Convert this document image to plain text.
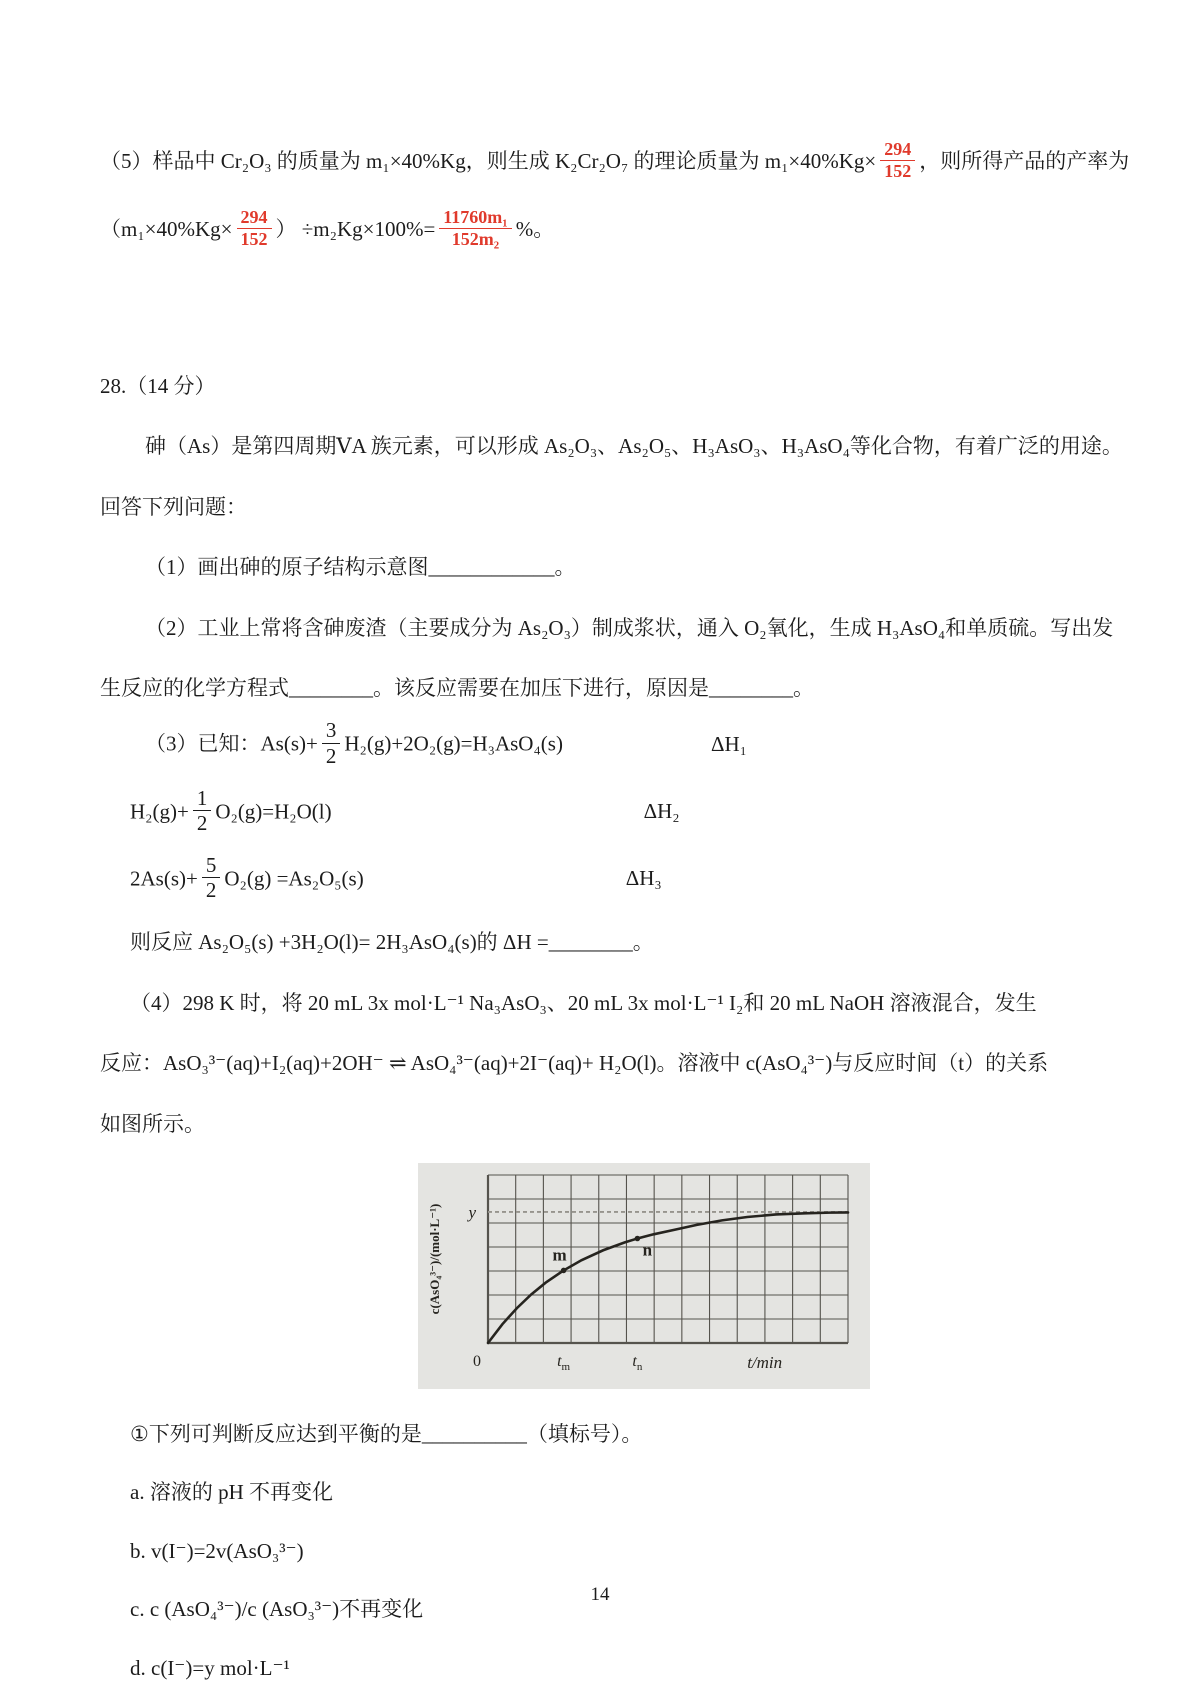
（5）样品中 Cr₂O₃ 的质量为 m₁×40%Kg，则生成 K₂Cr₂O₇ 的理论质量为 $m_1\times 40\%Kg\times \frac{294}{152}$ ，则所得产品的产率为
（$m_1\times 40\%Kg\times \frac{294}{152}$ ） $\div m_2Kg\times 100\%= \frac{\text{11760m₁}}{\text{152m₂}}$ %。
28.（14 分）
砷（As）是第四周期ⅤA 族元素，可以形成 As₂O₃、As₂O₅、H₃AsO₃、H₃AsO₄等化合物，有着广泛的用途。
回答下列问题：
（1）画出砷的原子结构示意图____________。
（2）工业上常将含砷废渣（主要成分为 As₂O₃）制成浆状，通入 O₂氧化，生成 H₃AsO₄和单质硫。写出发
生反应的化学方程式________。该反应需要在加压下进行，原因是________。
（3）已知：$As(s)+ \frac{3}{2} H_2(g)+2O_2(g)=H_3AsO_4(s)$	ΔH₁
$H_2(g)+ \frac{1}{2} O_2(g)=H_2O(l)$	ΔH₂
$2As(s)+ \frac{5}{2} O_2(g) =As_2O_5(s)$	ΔH₃
则反应 As₂O₅(s) +3H₂O(l)= 2H₃AsO₄(s)的 ΔH =________。
（4）298 K 时，将 20 mL 3x mol·L⁻¹ Na₃AsO₃、20 mL 3x mol·L⁻¹ I₂和 20 mL NaOH 溶液混合，发生
反应：AsO₃³⁻(aq)+I₂(aq)+2OH⁻ ⇌ AsO₄³⁻(aq)+2I⁻(aq)+ H₂O(l)。溶液中 c(AsO₄³⁻)与反应时间（t）的关系
如图所示。
m	n
0	$t_m$	$t_n$	t/min
y
c(AsO₄³⁻)/(mol·L⁻¹)
①下列可判断反应达到平衡的是__________（填标号）。
a. 溶液的 pH 不再变化
b. v(I⁻)=2v(AsO₃³⁻)
c. c (AsO₄³⁻)/c (AsO₃³⁻)不再变化
d. c(I⁻)=y mol·L⁻¹
14
